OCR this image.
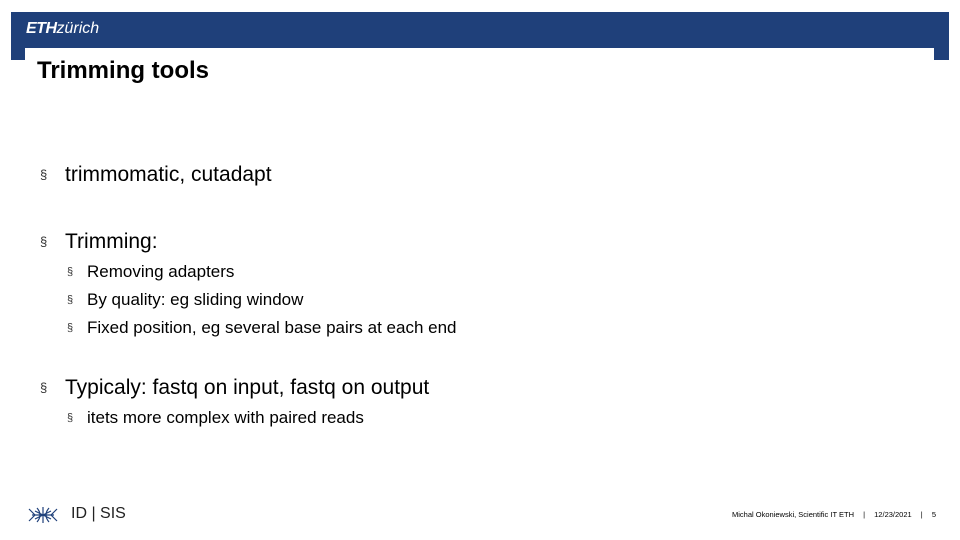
ETHzürich
Trimming tools
§ trimmomatic, cutadapt
§ Trimming:
§ Removing adapters
§ By quality: eg sliding window
§ Fixed position, eg several base pairs at each end
§ Typicaly: fastq on input, fastq on output
§ itets more complex with paired reads
ID | SIS	Michal Okoniewski, Scientific IT ETH | 12/23/2021 | 5
